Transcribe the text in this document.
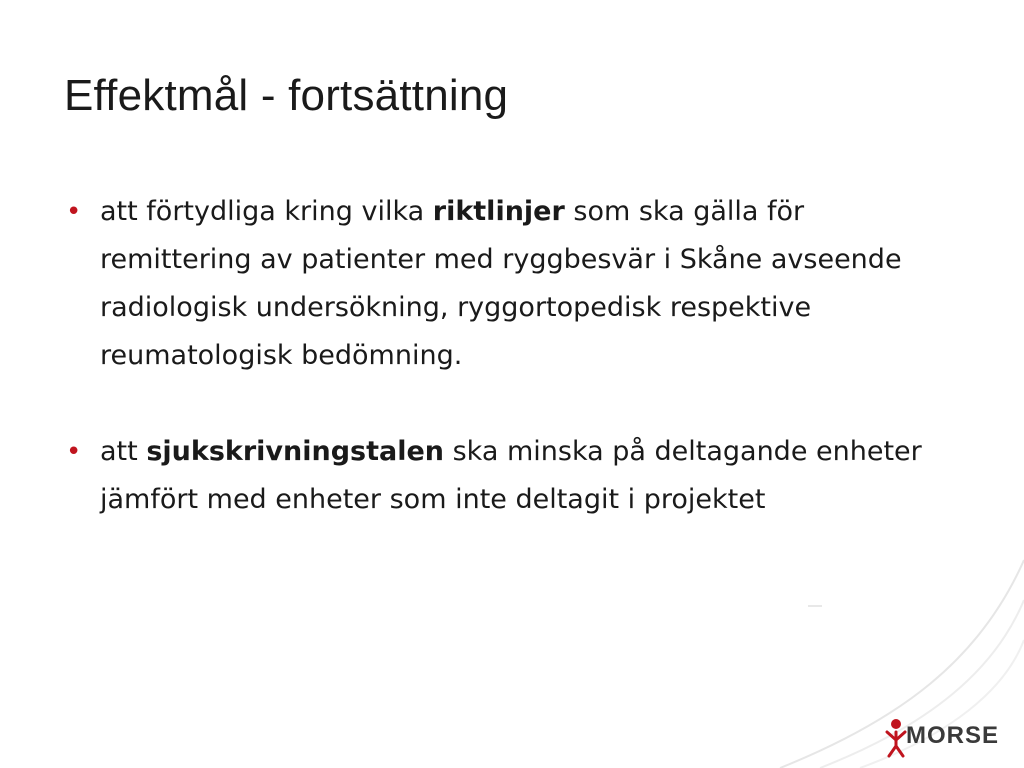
Effektmål - fortsättning
• att förtydliga kring vilka riktlinjer som ska gälla för remittering av patienter med ryggbesvär i Skåne avseende radiologisk undersökning, ryggortopedisk respektive reumatologisk bedömning.
• att sjukskrivningstalen ska minska på deltagande enheter jämfört med enheter som inte deltagit i projektet
MORSE
